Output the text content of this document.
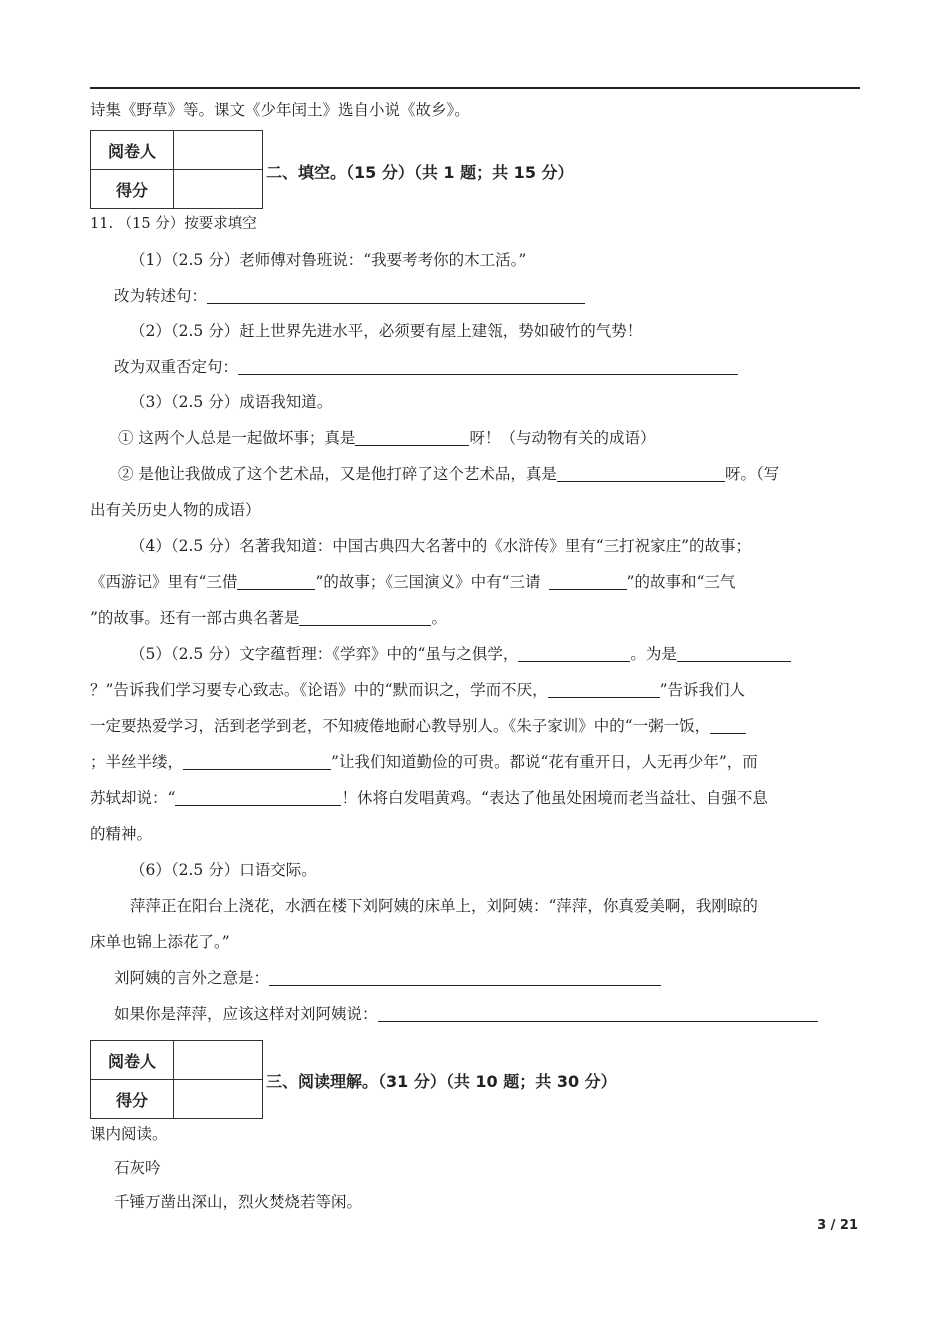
诗集《野草》等。课文《少年闰土》选自小说《故乡》。
阅卷人	
得分	
二、填空。（15 分）（共 1 题；共 15 分）
11. （15 分）按要求填空
（1）（2.5 分）老师傅对鲁班说：“我要考考你的木工活。”
改为转述句：
（2）（2.5 分）赶上世界先进水平，必须要有屋上建瓴，势如破竹的气势！
改为双重否定句：
（3）（2.5 分）成语我知道。
① 这两个人总是一起做坏事；真是	呀！（与动物有关的成语）
② 是他让我做成了这个艺术品，又是他打碎了这个艺术品，真是	呀。（写
出有关历史人物的成语）
（4）（2.5 分）名著我知道：中国古典四大名著中的《水浒传》里有“三打祝家庄”的故事；
《西游记》里有“三借	”的故事；《三国演义》中有“三请	”的故事和“三气
”的故事。还有一部古典名著是	。
（5）（2.5 分）文字蕴哲理：《学弈》中的“虽与之俱学，	。为是
？”告诉我们学习要专心致志。《论语》中的“默而识之，学而不厌，	”告诉我们人
一定要热爱学习，活到老学到老，不知疲倦地耐心教导别人。《朱子家训》中的“一粥一饭，
；半丝半缕，	”让我们知道勤俭的可贵。都说“花有重开日，人无再少年”，而
苏轼却说：“	！休将白发唱黄鸡。“表达了他虽处困境而老当益壮、自强不息
的精神。
（6）（2.5 分）口语交际。
萍萍正在阳台上浇花，水洒在楼下刘阿姨的床单上，刘阿姨：“萍萍，你真爱美啊，我刚晾的
床单也锦上添花了。”
刘阿姨的言外之意是：
如果你是萍萍，应该这样对刘阿姨说：
阅卷人	
得分	
三、阅读理解。（31 分）（共 10 题；共 30 分）
课内阅读。
石灰吟
千锤万凿出深山，烈火焚烧若等闲。
3 / 21
